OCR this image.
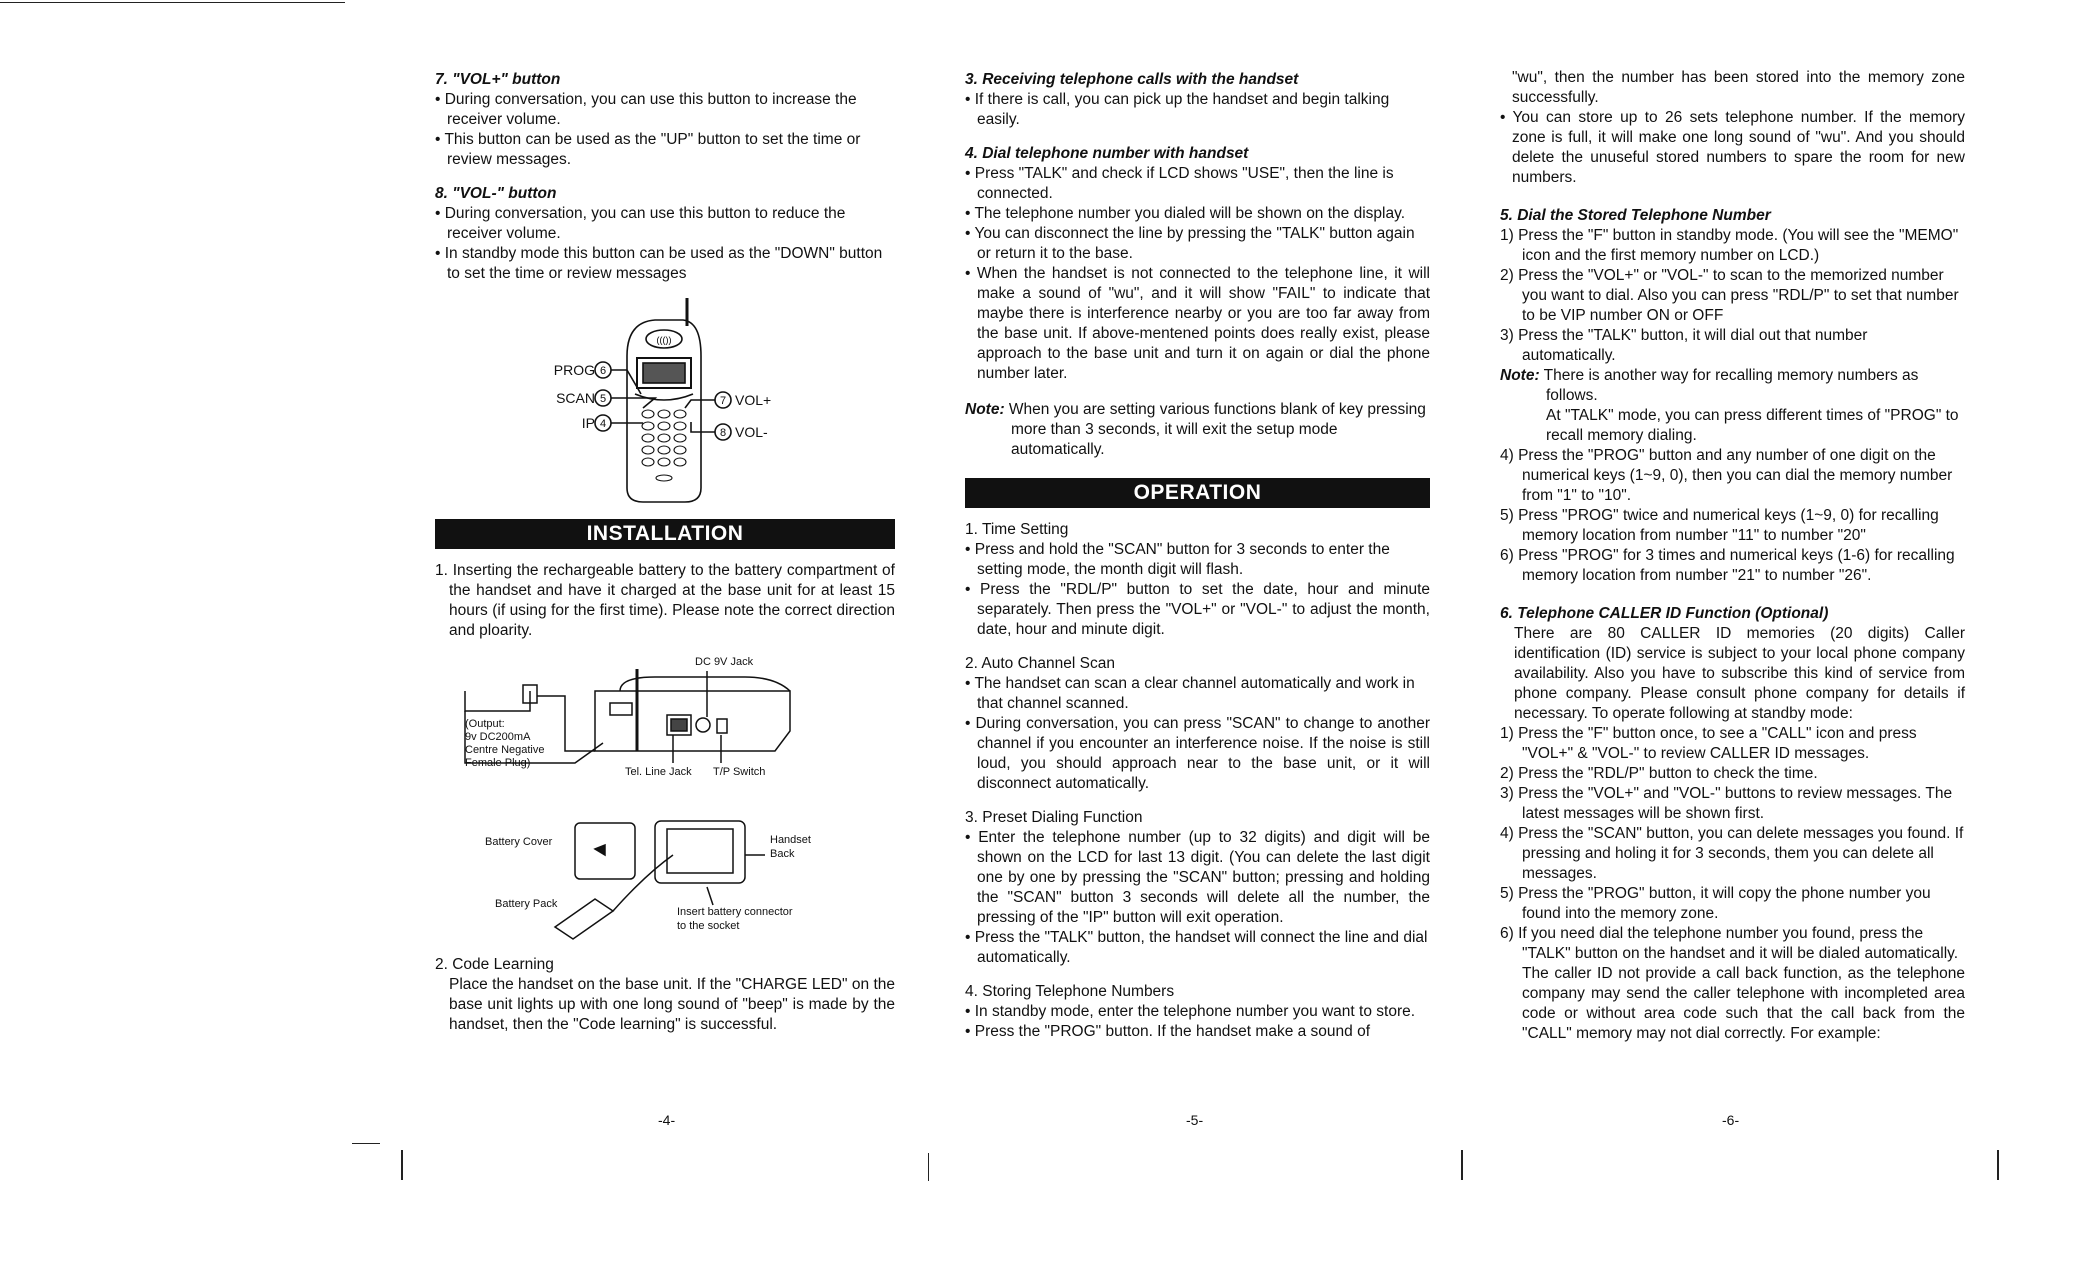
7. "VOL+" button
• During conversation, you can use this button to increase the receiver volume.
• This button can be used as the "UP" button to set the time or review messages.
8. "VOL-" button
• During conversation, you can use this button to reduce the receiver volume.
• In standby mode this button can be used as the "DOWN" button to set the time or review messages
((())
PROG
SCAN
IP
VOL+
VOL-
6
5
4
7
8
INSTALLATION
1. Inserting the rechargeable battery to the battery compartment of the handset and have it charged at the base unit for at least 15 hours (if using for the first time). Please note the correct direction and ploarity.
DC 9V Jack
(Output:
9v DC200mA
Centre Negative
Female Plug)
Tel. Line Jack T/P Switch
Battery Cover	Handset
Back
Battery Pack
Insert battery connector
to the socket
2. Code Learning
Place the handset on the base unit. If the "CHARGE LED" on the base unit lights up with one long sound of "beep" is made by the handset, then the "Code learning" is successful.
-4-
3. Receiving telephone calls with the handset
• If there is call, you can pick up the handset and begin talking easily.
4. Dial telephone number with handset
• Press "TALK" and check if LCD shows "USE", then the line is connected.
• The telephone number you dialed will be shown on the display.
• You can disconnect the line by pressing the "TALK" button again or return it to the base.
• When the handset is not connected to the telephone line, it will make a sound of "wu", and it will show "FAIL" to indicate that maybe there is interference nearby or you are too far away from the base unit. If above-mentened points does really exist, please approach to the base unit and turn it on again or dial the phone number later.
Note: When you are setting various functions blank of key pressing more than 3 seconds, it will exit the setup mode automatically.
OPERATION
1. Time Setting
• Press and hold the "SCAN" button for 3 seconds to enter the setting mode, the month digit will flash.
• Press the "RDL/P" button to set the date, hour and minute separately. Then press the "VOL+" or "VOL-" to adjust the month, date, hour and minute digit.
2. Auto Channel Scan
• The handset can scan a clear channel automatically and work in that channel scanned.
• During conversation, you can press "SCAN" to change to another channel if you encounter an interference noise. If the noise is still loud, you should approach near to the base unit, or it will disconnect automatically.
3. Preset Dialing Function
• Enter the telephone number (up to 32 digits) and digit will be shown on the LCD for last 13 digit. (You can delete the last digit one by one by pressing the "SCAN" button; pressing and holding the "SCAN" button 3 seconds will delete all the number, the pressing of the "IP" button will exit operation.
• Press the "TALK" button, the handset will connect the line and dial automatically.
4. Storing Telephone Numbers
• In standby mode, enter the telephone number you want to store.
• Press the "PROG" button. If the handset make a sound of
-5-
"wu", then the number has been stored into the memory zone successfully.
• You can store up to 26 sets telephone number. If the memory zone is full, it will make one long sound of "wu". And you should delete the unuseful stored numbers to spare the room for new numbers.
5. Dial the Stored Telephone Number
1) Press the "F" button in standby mode. (You will see the "MEMO" icon and the first memory number on LCD.)
2) Press the "VOL+" or "VOL-" to scan to the memorized number you want to dial. Also you can press "RDL/P" to set that number to be VIP number ON or OFF
3) Press the "TALK" button, it will dial out that number automatically.
Note: There is another way for recalling memory numbers as follows.
At "TALK" mode, you can press different times of "PROG" to recall memory dialing.
4) Press the "PROG" button and any number of one digit on the numerical keys (1~9, 0), then you can dial the memory number from "1" to "10".
5) Press "PROG" twice and numerical keys (1~9, 0) for recalling memory location from number "11" to number "20"
6) Press "PROG" for 3 times and numerical keys (1-6) for recalling memory location from number "21" to number "26".
6. Telephone CALLER ID Function (Optional)
There are 80 CALLER ID memories (20 digits) Caller identification (ID) service is subject to your local phone company availability. Also you have to subscribe this kind of service from phone company. Please consult phone company for details if necessary. To operate following at standby mode:
1) Press the "F" button once, to see a "CALL" icon and press "VOL+" & "VOL-" to review CALLER ID messages.
2) Press the "RDL/P" button to check the time.
3) Press the "VOL+" and "VOL-" buttons to review messages. The latest messages will be shown first.
4) Press the "SCAN" button, you can delete messages you found. If pressing and holing it for 3 seconds, them you can delete all messages.
5) Press the "PROG" button, it will copy the phone number you found into the memory zone.
6) If you need dial the telephone number you found, press the "TALK" button on the handset and it will be dialed automatically.
The caller ID not provide a call back function, as the telephone company may send the caller telephone with incompleted area code or without area code such that the call back from the "CALL" memory may not dial correctly. For example:
-6-
